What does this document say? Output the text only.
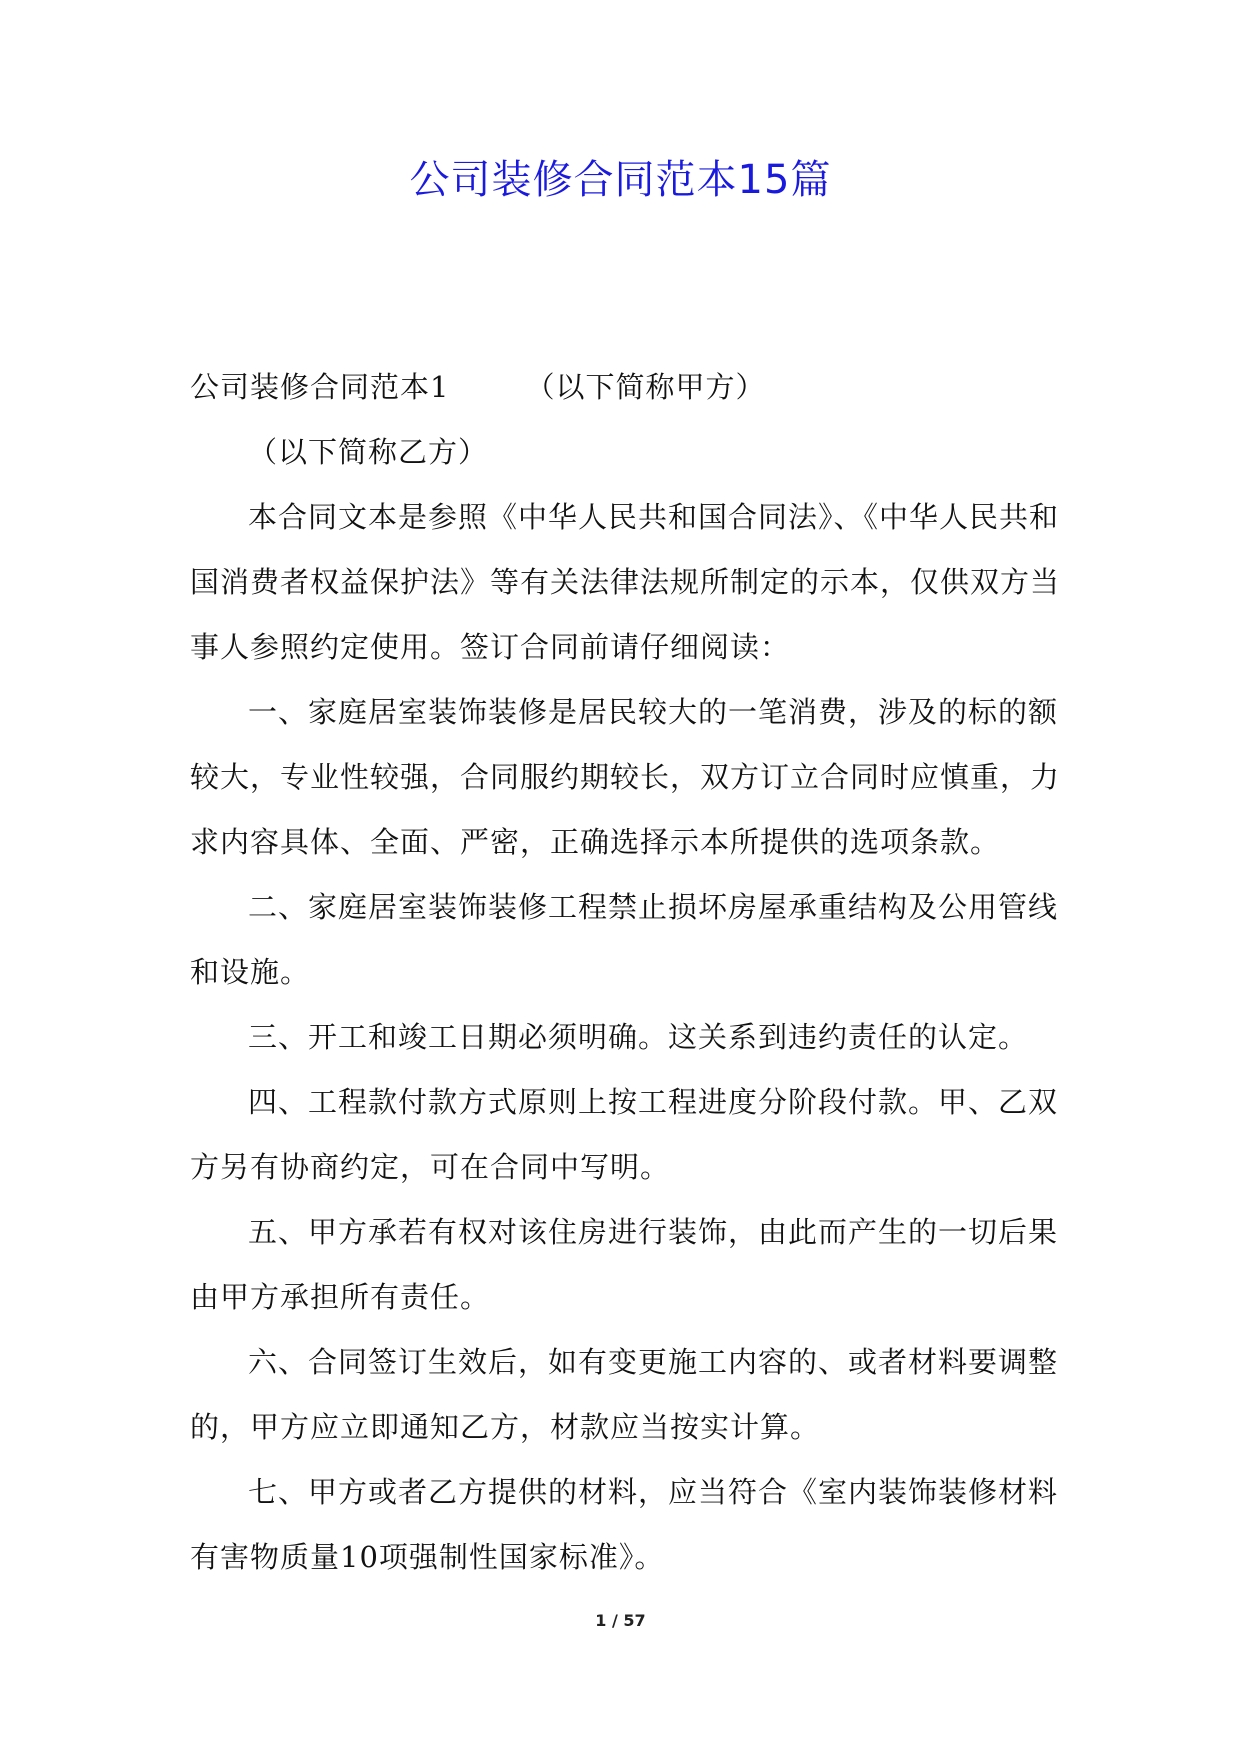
公司装修合同范本15篇

公司装修合同范本1	（以下简称甲方）

（以下简称乙方）

本合同文本是参照《中华人民共和国合同法》、《中华人民共和国消费者权益保护法》等有关法律法规所制定的示本，仅供双方当事人参照约定使用。签订合同前请仔细阅读：

一、家庭居室装饰装修是居民较大的一笔消费，涉及的标的额较大，专业性较强，合同服约期较长，双方订立合同时应慎重，力求内容具体、全面、严密，正确选择示本所提供的选项条款。

二、家庭居室装饰装修工程禁止损坏房屋承重结构及公用管线和设施。

三、开工和竣工日期必须明确。这关系到违约责任的认定。

四、工程款付款方式原则上按工程进度分阶段付款。甲、乙双方另有协商约定，可在合同中写明。

五、甲方承若有权对该住房进行装饰，由此而产生的一切后果由甲方承担所有责任。

六、合同签订生效后，如有变更施工内容的、或者材料要调整的，甲方应立即通知乙方，材款应当按实计算。

七、甲方或者乙方提供的材料，应当符合《室内装饰装修材料有害物质量10项强制性国家标准》。

1 / 57
